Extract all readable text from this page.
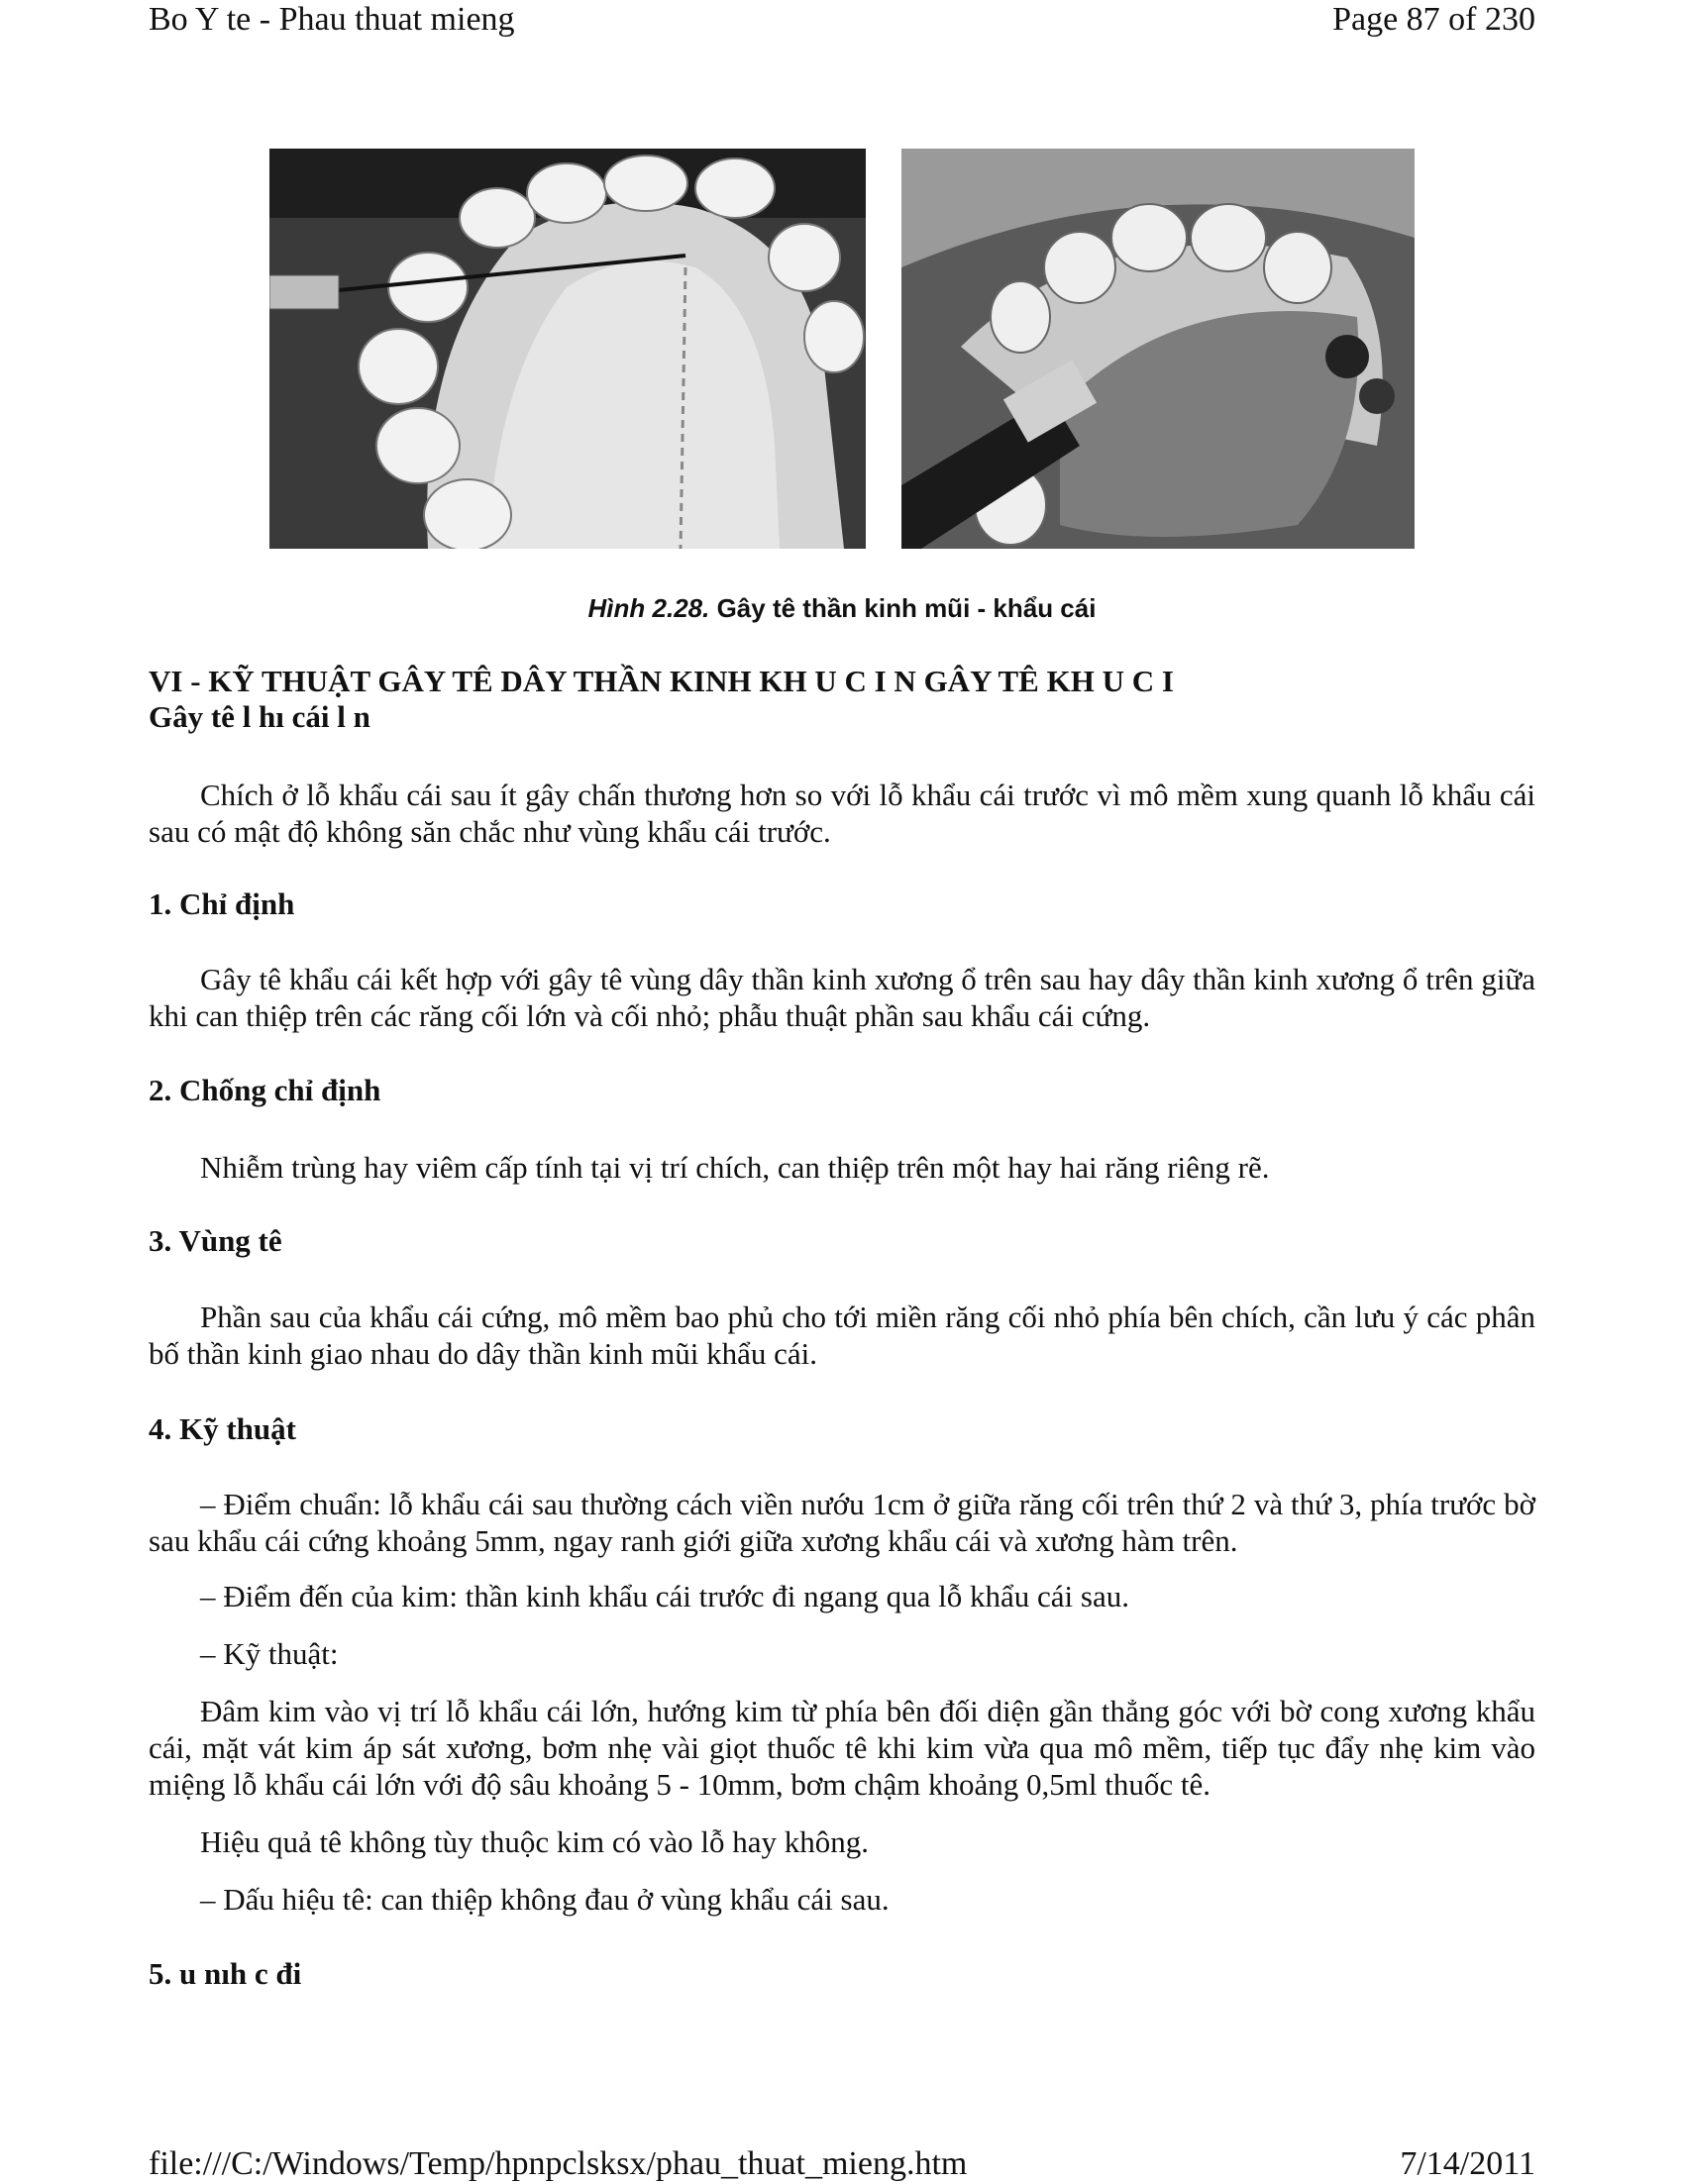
Bo Y te - Phau thuat mieng	Page 87 of 230
Hình 2.28. Gây tê thần kinh mũi - khẩu cái
VI - KỸ THUẬT GÂY TÊ DÂY THẦN KINH KH U C I N GÂY TÊ KH U C I
Gây tê l hı cái l n

Chích ở lỗ khẩu cái sau ít gây chấn thương hơn so với lỗ khẩu cái trước vì mô mềm xung quanh lỗ khẩu cái sau có mật độ không săn chắc như vùng khẩu cái trước.

1. Chỉ định

Gây tê khẩu cái kết hợp với gây tê vùng dây thần kinh xương ổ trên sau hay dây thần kinh xương ổ trên giữa khi can thiệp trên các răng cối lớn và cối nhỏ; phẫu thuật phần sau khẩu cái cứng.

2. Chống chỉ định

Nhiễm trùng hay viêm cấp tính tại vị trí chích, can thiệp trên một hay hai răng riêng rẽ.

3. Vùng tê

Phần sau của khẩu cái cứng, mô mềm bao phủ cho tới miền răng cối nhỏ phía bên chích, cần lưu ý các phân bố thần kinh giao nhau do dây thần kinh mũi khẩu cái.

4. Kỹ thuật

– Điểm chuẩn: lỗ khẩu cái sau thường cách viền nướu 1cm ở giữa răng cối trên thứ 2 và thứ 3, phía trước bờ sau khẩu cái cứng khoảng 5mm, ngay ranh giới giữa xương khẩu cái và xương hàm trên.

– Điểm đến của kim: thần kinh khẩu cái trước đi ngang qua lỗ khẩu cái sau.

– Kỹ thuật:

Đâm kim vào vị trí lỗ khẩu cái lớn, hướng kim từ phía bên đối diện gần thẳng góc với bờ cong xương khẩu cái, mặt vát kim áp sát xương, bơm nhẹ vài giọt thuốc tê khi kim vừa qua mô mềm, tiếp tục đẩy nhẹ kim vào miệng lỗ khẩu cái lớn với độ sâu khoảng 5 - 10mm, bơm chậm khoảng 0,5ml thuốc tê.

Hiệu quả tê không tùy thuộc kim có vào lỗ hay không.

– Dấu hiệu tê: can thiệp không đau ở vùng khẩu cái sau.

5. u nıh c đi

file:///C:/Windows/Temp/hpnpclsksx/phau_thuat_mieng.htm	7/14/2011
